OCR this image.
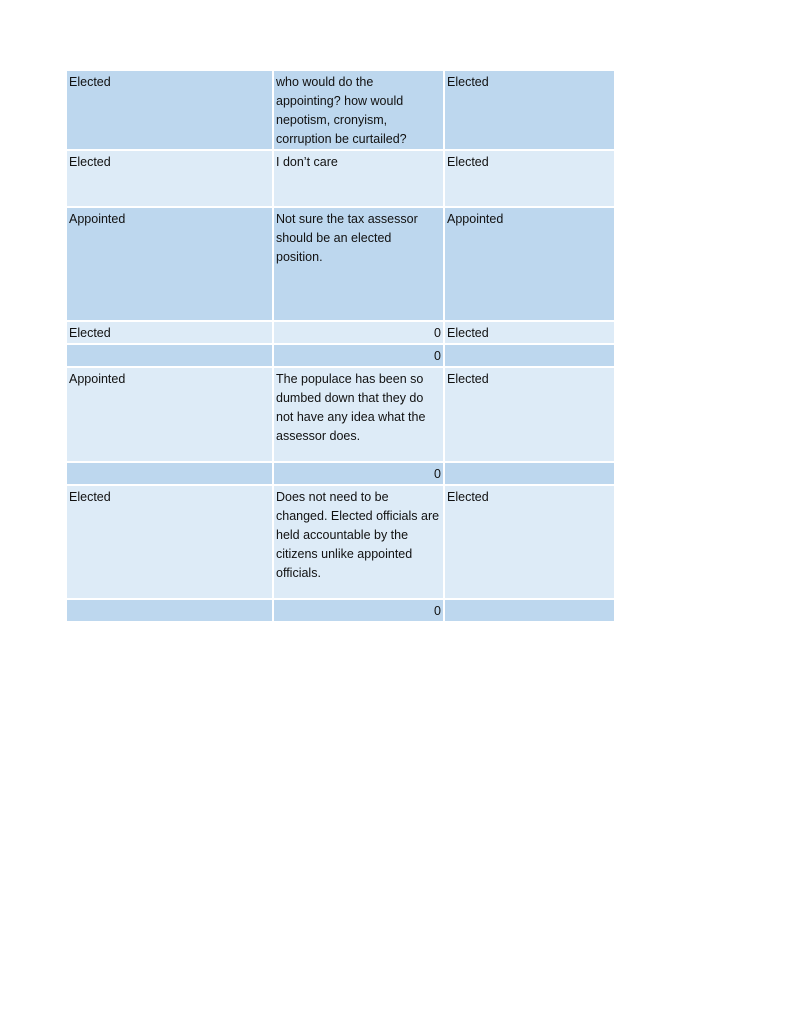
Elected	who would do the appointing? how would nepotism, cronyism, corruption be curtailed?	Elected
Elected	I don’t care	Elected
Appointed	Not sure the tax assessor should be an elected position.	Appointed
Elected	0	Elected
	0	
Appointed	The populace has been so dumbed down that they do not have any idea what the assessor does.	Elected
	0	
Elected	Does not need to be changed. Elected officials are held accountable by the citizens unlike appointed officials.	Elected
	0	
